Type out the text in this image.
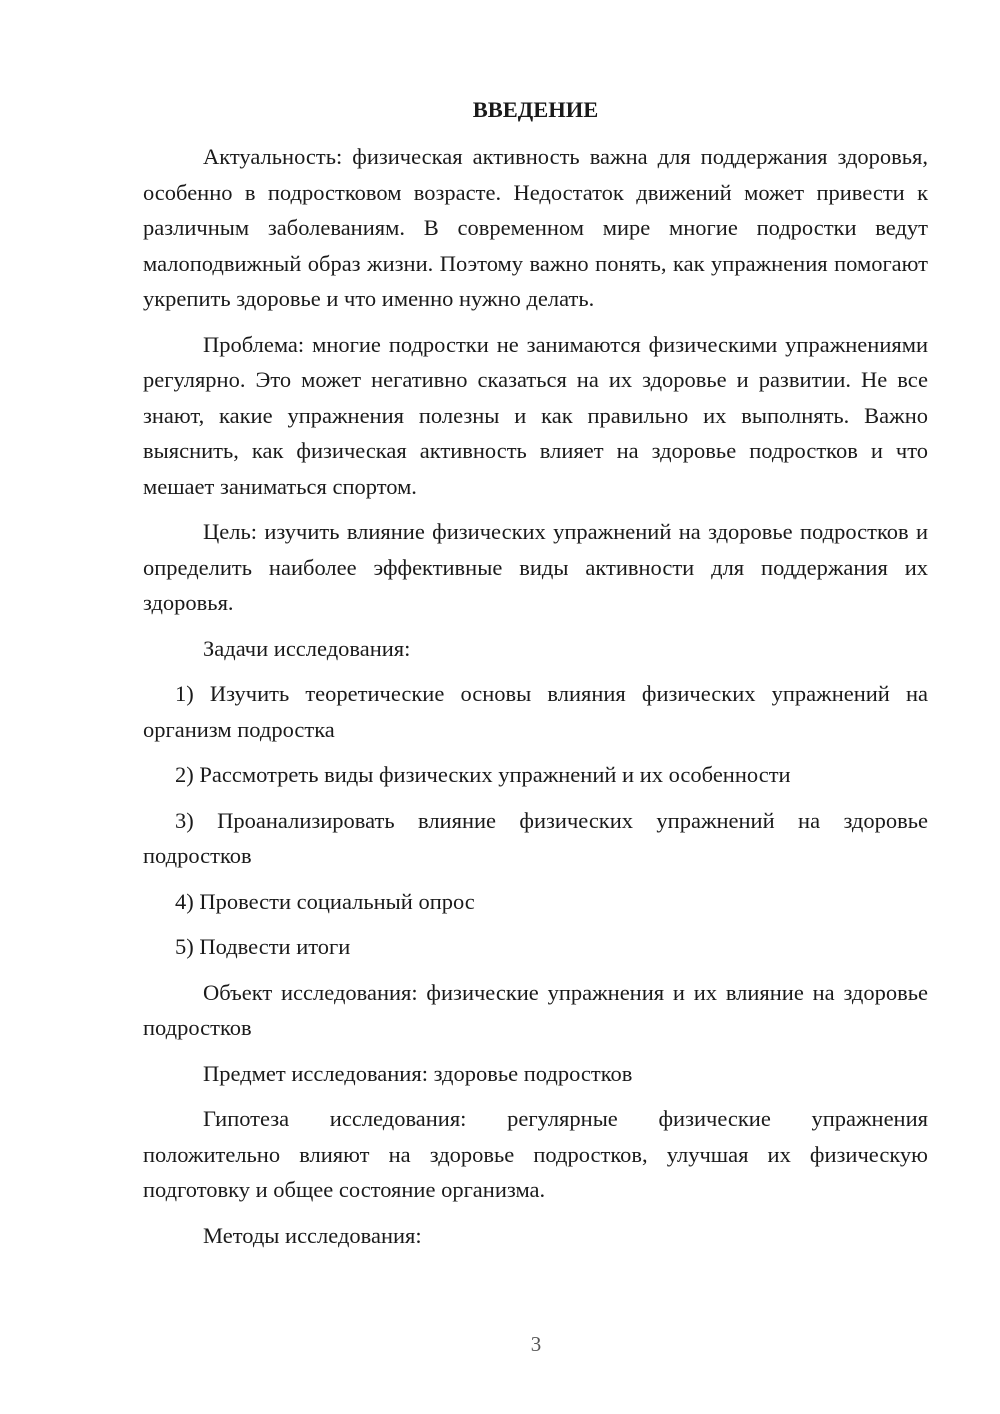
ВВЕДЕНИЕ

Актуальность: физическая активность важна для поддержания здоровья, особенно в подростковом возрасте. Недостаток движений может привести к различным заболеваниям. В современном мире многие подростки ведут малоподвижный образ жизни. Поэтому важно понять, как упражнения помогают укрепить здоровье и что именно нужно делать.

Проблема: многие подростки не занимаются физическими упражнениями регулярно. Это может негативно сказаться на их здоровье и развитии. Не все знают, какие упражнения полезны и как правильно их выполнять. Важно выяснить, как физическая активность влияет на здоровье подростков и что мешает заниматься спортом.

Цель: изучить влияние физических упражнений на здоровье подростков и определить наиболее эффективные виды активности для поддержания их здоровья.

Задачи исследования:

1) Изучить теоретические основы влияния физических упражнений на организм подростка

2) Рассмотреть виды физических упражнений и их особенности

3) Проанализировать влияние физических упражнений на здоровье подростков

4) Провести социальный опрос

5) Подвести итоги

Объект исследования: физические упражнения и их влияние на здоровье подростков

Предмет исследования: здоровье подростков

Гипотеза исследования: регулярные физические упражнения положительно влияют на здоровье подростков, улучшая их физическую подготовку и общее состояние организма.

Методы исследования:

3
